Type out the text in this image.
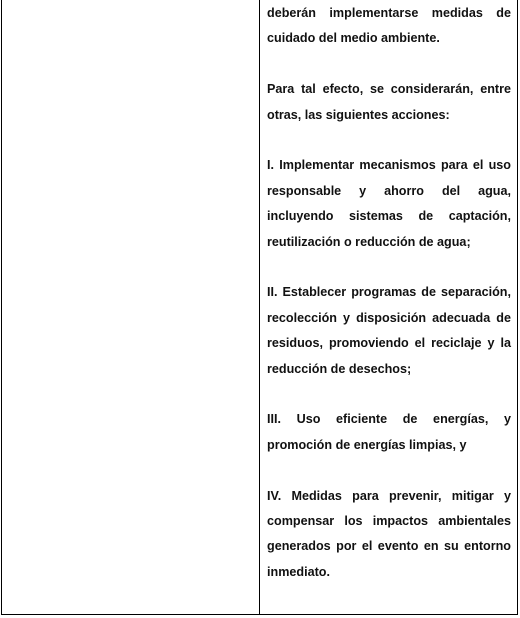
deberán implementarse medidas de cuidado del medio ambiente.

Para tal efecto, se considerarán, entre otras, las siguientes acciones:

I. Implementar mecanismos para el uso responsable y ahorro del agua, incluyendo sistemas de captación, reutilización o reducción de agua;

II. Establecer programas de separación, recolección y disposición adecuada de residuos, promoviendo el reciclaje y la reducción de desechos;

III. Uso eficiente de energías, y promoción de energías limpias, y

IV. Medidas para prevenir, mitigar y compensar los impactos ambientales generados por el evento en su entorno inmediato.
